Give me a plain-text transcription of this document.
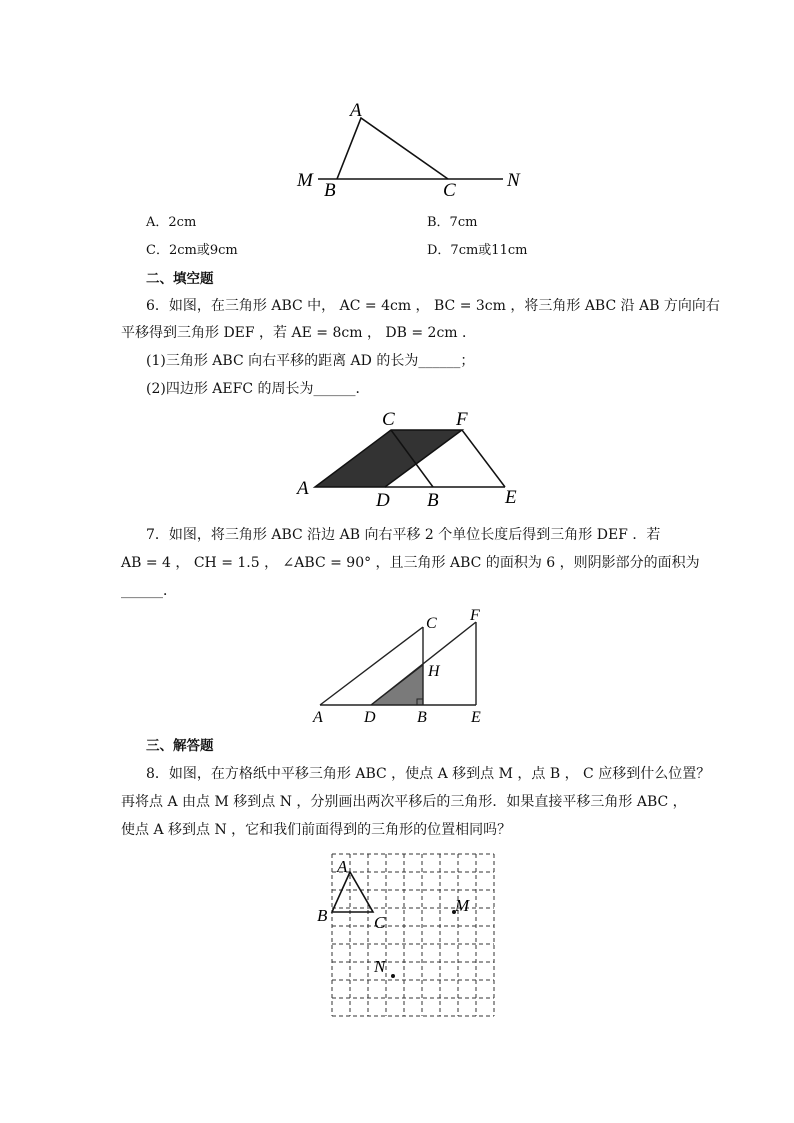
A
M B	C	N
A．2cm	B．7cm
C．2cm或9cm	D．7cm或11cm
二、填空题
6．如图，在三角形 ABC 中， AC = 4cm ， BC = 3cm ，将三角形 ABC 沿 AB 方向向右
平移得到三角形 DEF ，若 AE = 8cm ， DB = 2cm ．
(1)三角形 ABC 向右平移的距离 AD 的长为______；
(2)四边形 AEFC 的周长为______．
C	F
A
D B	E
7．如图，将三角形 ABC 沿边 AB 向右平移 2 个单位长度后得到三角形 DEF ．若
AB = 4 ， CH = 1.5 ， ∠ABC = 90° ，且三角形 ABC 的面积为 6 ，则阴影部分的面积为
______．
C F
H
A	D	B	E
三、解答题
8．如图，在方格纸中平移三角形 ABC ，使点 A 移到点 M ，点 B ， C 应移到什么位置？
再将点 A 由点 M 移到点 N ，分别画出两次平移后的三角形．如果直接平移三角形 ABC ，
使点 A 移到点 N ，它和我们前面得到的三角形的位置相同吗？
A
B	C
M
N
